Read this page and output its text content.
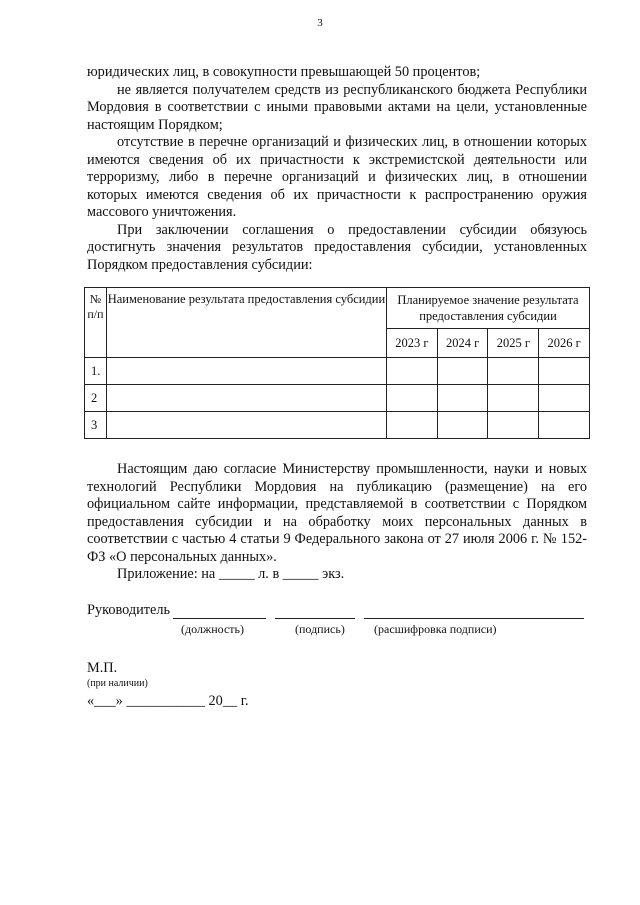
3

юридических лиц, в совокупности превышающей 50 процентов;

не является получателем средств из республиканского бюджета Республики Мордовия в соответствии с иными правовыми актами на цели, установленные настоящим Порядком;

отсутствие в перечне организаций и физических лиц, в отношении которых имеются сведения об их причастности к экстремистской деятельности или терроризму, либо в перечне организаций и физических лиц, в отношении которых имеются сведения об их причастности к распространению оружия массового уничтожения.

При заключении соглашения о предоставлении субсидии обязуюсь достигнуть значения результатов предоставления субсидии, установленных Порядком предоставления субсидии:

№ п/п	Наименование результата предоставления субсидии	Планируемое значение результата предоставления субсидии			
		2023 г	2024 г	2025 г	2026 г
1.					
2					
3					

Настоящим даю согласие Министерству промышленности, науки и новых технологий Республики Мордовия на публикацию (размещение) на его официальном сайте информации, представляемой в соответствии с Порядком предоставления субсидии и на обработку моих персональных данных в соответствии с частью 4 статьи 9 Федерального закона от 27 июля 2006 г. № 152-ФЗ «О персональных данных».

Приложение: на _____ л. в _____ экз.

Руководитель
(должность)	(подпись) (расшифровка подписи)
М.П.
(при наличии)
«___» ___________ 20__ г.
